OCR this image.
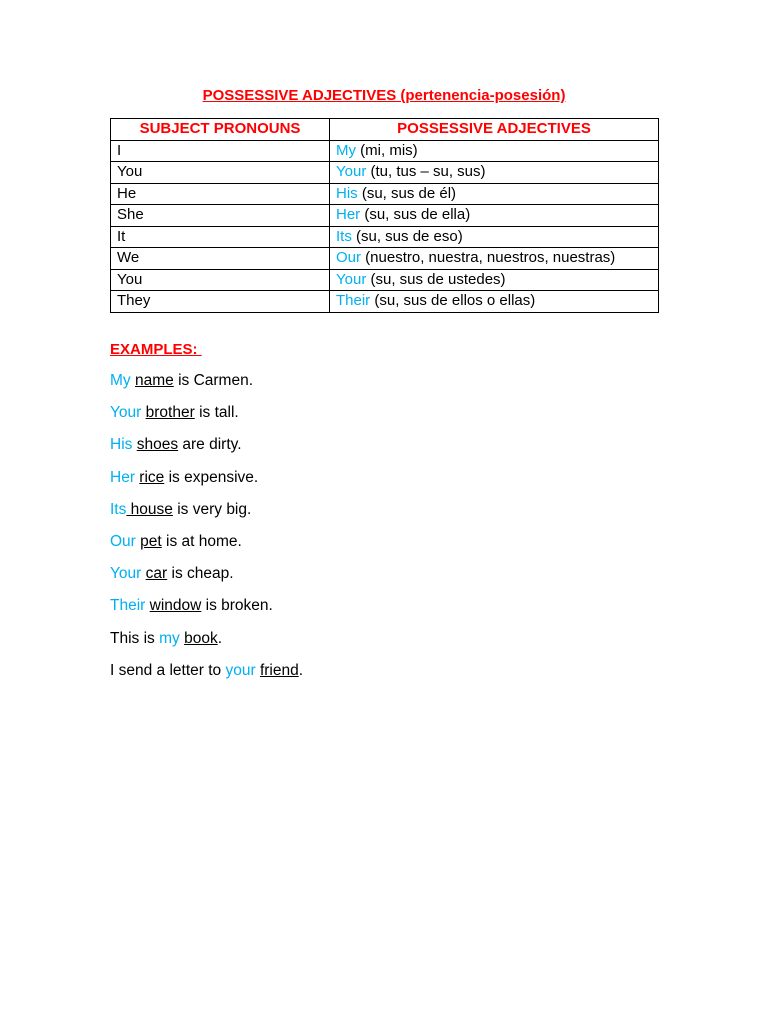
POSSESSIVE ADJECTIVES (pertenencia-posesión)
SUBJECT PRONOUNS	POSSESSIVE ADJECTIVES
I	My (mi, mis)
You	Your (tu, tus – su, sus)
He	His (su, sus de él)
She	Her (su, sus de ella)
It	Its (su, sus de eso)
We	Our (nuestro, nuestra, nuestros, nuestras)
You	Your (su, sus de ustedes)
They	Their (su, sus de ellos o ellas)

EXAMPLES:

My name is Carmen.
Your brother is tall.
His shoes are dirty.
Her rice is expensive.
Its house is very big.
Our pet is at home.
Your car is cheap.
Their window is broken.
This is my book.
I send a letter to your friend.
